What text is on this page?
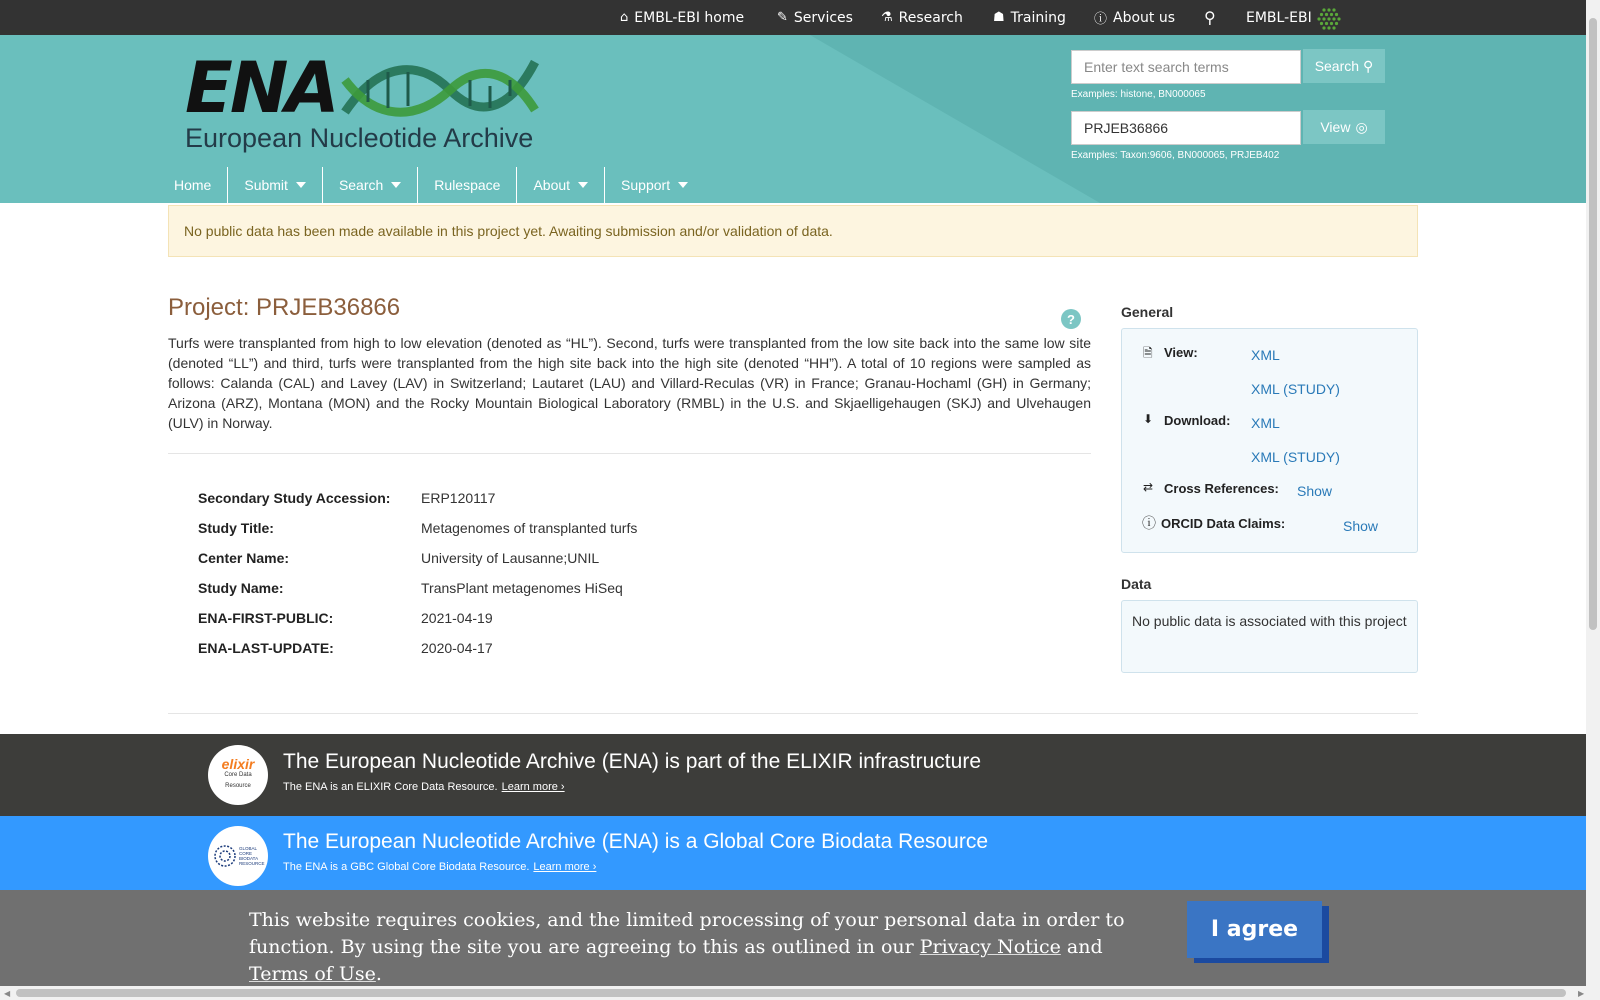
⌂ EMBL-EBI home	✎ Services ⚗ Research ☗ Training ⓘ About us ⚲ EMBL-EBI
ENA
European Nucleotide Archive
Enter text search terms
Search ⚲
Examples: histone, BN000065
PRJEB36866
View ◎
Examples: Taxon:9606, BN000065, PRJEB402
Home Submit	Search	Rulespace About	Support
No public data has been made available in this project yet. Awaiting submission and/or validation of data.
Project: PRJEB36866	?
Turfs were transplanted from high to low elevation (denoted as “HL”). Second, turfs were transplanted from the low site back into the same low site (denoted “LL”) and third, turfs were transplanted from the high site back into the high site (denoted “HH”). A total of 10 regions were sampled as follows: Calanda (CAL) and Lavey (LAV) in Switzerland; Lautaret (LAU) and Villard-Reculas (VR) in France; Granau-Hochaml (GH) in Germany; Arizona (ARZ), Montana (MON) and the Rocky Mountain Biological Laboratory (RMBL) in the U.S. and Skjaelligehaugen (SKJ) and Ulvehaugen (ULV) in Norway.
Secondary Study Accession:	ERP120117
Study Title:	Metagenomes of transplanted turfs
Center Name:	University of Lausanne;UNIL
Study Name:	TransPlant metagenomes HiSeq
ENA-FIRST-PUBLIC:	2021-04-19
ENA-LAST-UPDATE:	2020-04-17
General
🗎 View:	XML
XML (STUDY)
⬇ Download: XML
XML (STUDY)
⇄ Cross References: Show
ⓘ ORCID Data Claims:	Show
Data
No public data is associated with this project
elixir
Core Data Resource
The European Nucleotide Archive (ENA) is part of the ELIXIR infrastructure
The ENA is an ELIXIR Core Data Resource. Learn more ›
GLOBAL CORE BIODATA RESOURCE
The European Nucleotide Archive (ENA) is a Global Core Biodata Resource
The ENA is a GBC Global Core Biodata Resource. Learn more ›
This website requires cookies, and the limited processing of your personal data in order to function. By using the site you are agreeing to this as outlined in our Privacy Notice and Terms of Use.
I agree
◀	▶
